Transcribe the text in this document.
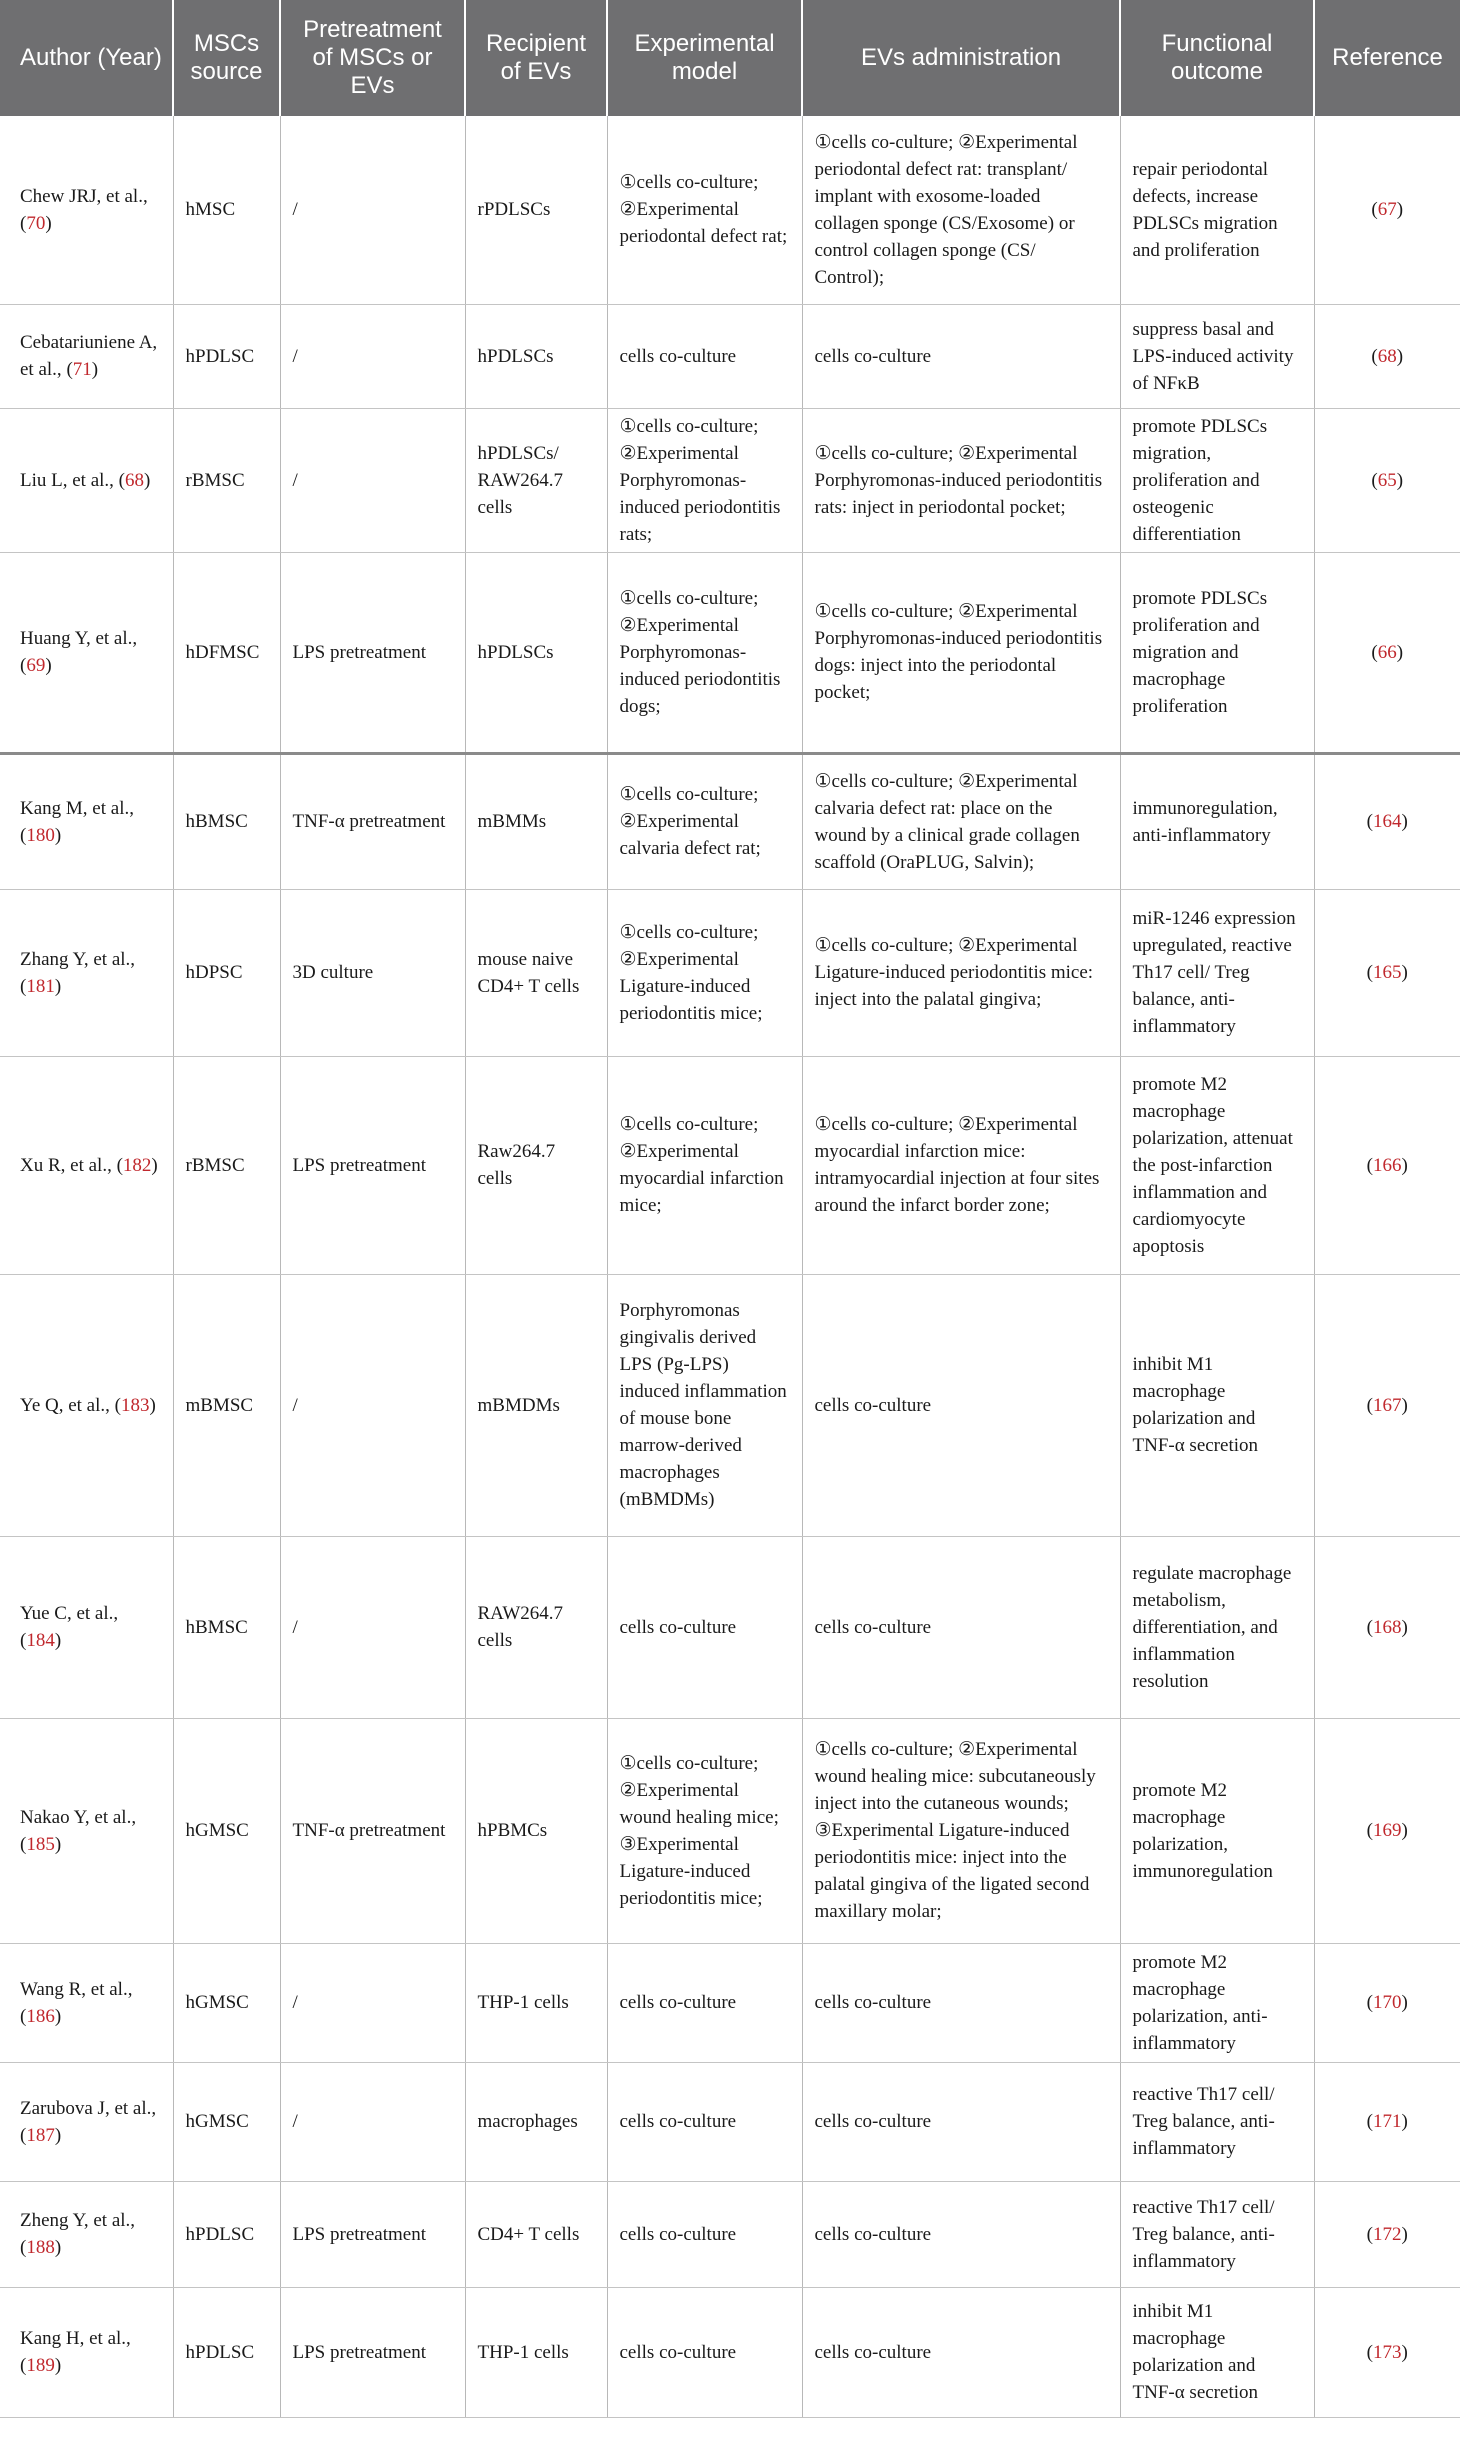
Author (Year)	MSCs source	Pretreatment of MSCs or EVs	Recipient of EVs	Experimental model	EVs administration	Functional outcome	Reference
Chew JRJ, et al., (70)	hMSC	/	rPDLSCs	①cells co-culture; ②Experimental periodontal defect rat;	①cells co-culture; ②Experimental periodontal defect rat: transplant/ implant with exosome-loaded collagen sponge (CS/Exosome) or control collagen sponge (CS/ Control);	repair periodontal defects, increase PDLSCs migration and proliferation	(67)
Cebatariuniene A, et al., (71)	hPDLSC	/	hPDLSCs	cells co-culture	cells co-culture	suppress basal and LPS-induced activity of NFκB	(68)
Liu L, et al., (68)	rBMSC	/	hPDLSCs/ RAW264.7 cells	①cells co-culture; ②Experimental Porphyromonas-induced periodontitis rats;	①cells co-culture; ②Experimental Porphyromonas-induced periodontitis rats: inject in periodontal pocket;	promote PDLSCs migration, proliferation and osteogenic differentiation	(65)
Huang Y, et al., (69)	hDFMSC	LPS pretreatment	hPDLSCs	①cells co-culture; ②Experimental Porphyromonas-induced periodontitis dogs;	①cells co-culture; ②Experimental Porphyromonas-induced periodontitis dogs: inject into the periodontal pocket;	promote PDLSCs proliferation and migration and macrophage proliferation	(66)
Kang M, et al., (180)	hBMSC	TNF-α pretreatment	mBMMs	①cells co-culture; ②Experimental calvaria defect rat;	①cells co-culture; ②Experimental calvaria defect rat: place on the wound by a clinical grade collagen scaffold (OraPLUG, Salvin);	immunoregulation, anti-inflammatory	(164)
Zhang Y, et al., (181)	hDPSC	3D culture	mouse naive CD4+ T cells	①cells co-culture; ②Experimental Ligature-induced periodontitis mice;	①cells co-culture; ②Experimental Ligature-induced periodontitis mice: inject into the palatal gingiva;	miR-1246 expression upregulated, reactive Th17 cell/ Treg balance, anti-inflammatory	(165)
Xu R, et al., (182)	rBMSC	LPS pretreatment	Raw264.7 cells	①cells co-culture; ②Experimental myocardial infarction mice;	①cells co-culture; ②Experimental myocardial infarction mice: intramyocardial injection at four sites around the infarct border zone;	promote M2 macrophage polarization, attenuat the post-infarction inflammation and cardiomyocyte apoptosis	(166)
Ye Q, et al., (183)	mBMSC	/	mBMDMs	Porphyromonas gingivalis derived LPS (Pg-LPS) induced inflammation of mouse bone marrow-derived macrophages (mBMDMs)	cells co-culture	inhibit M1 macrophage polarization and TNF-α secretion	(167)
Yue C, et al., (184)	hBMSC	/	RAW264.7 cells	cells co-culture	cells co-culture	regulate macrophage metabolism, differentiation, and inflammation resolution	(168)
Nakao Y, et al., (185)	hGMSC	TNF-α pretreatment	hPBMCs	①cells co-culture; ②Experimental wound healing mice; ③Experimental Ligature-induced periodontitis mice;	①cells co-culture; ②Experimental wound healing mice: subcutaneously inject into the cutaneous wounds; ③Experimental Ligature-induced periodontitis mice: inject into the palatal gingiva of the ligated second maxillary molar;	promote M2 macrophage polarization, immunoregulation	(169)
Wang R, et al., (186)	hGMSC	/	THP-1 cells	cells co-culture	cells co-culture	promote M2 macrophage polarization, anti-inflammatory	(170)
Zarubova J, et al., (187)	hGMSC	/	macrophages	cells co-culture	cells co-culture	reactive Th17 cell/ Treg balance, anti-inflammatory	(171)
Zheng Y, et al., (188)	hPDLSC	LPS pretreatment	CD4+ T cells	cells co-culture	cells co-culture	reactive Th17 cell/ Treg balance, anti-inflammatory	(172)
Kang H, et al., (189)	hPDLSC	LPS pretreatment	THP-1 cells	cells co-culture	cells co-culture	inhibit M1 macrophage polarization and TNF-α secretion	(173)
